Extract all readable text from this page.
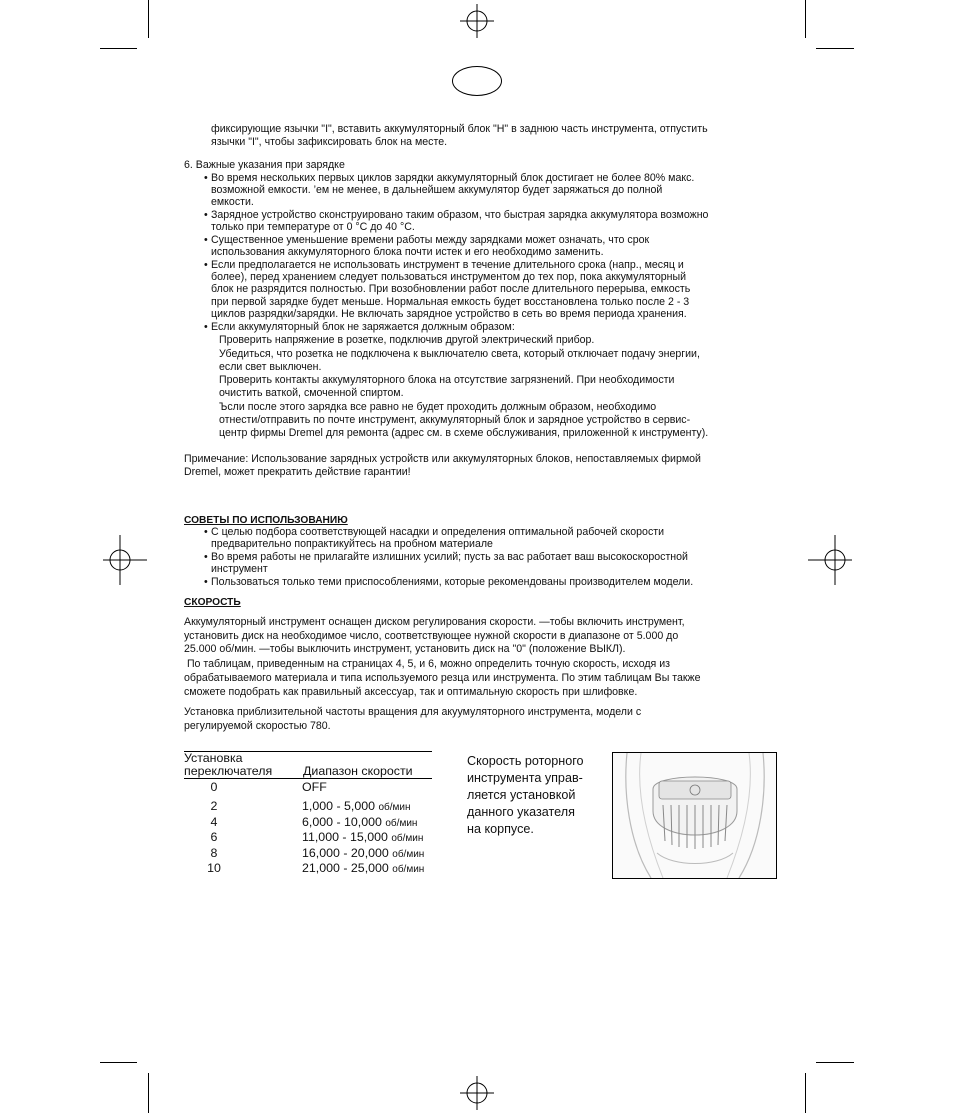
фиксирующие язычки "I", вставить аккумуляторный блок "H" в заднюю часть инструмента, отпустить
язычки "I", чтобы зафиксировать блок на месте.
6. Важные указания при зарядке
• Во время нескольких первых циклов зарядки аккумуляторный блок достигает не более 80% макс.
возможной емкости. ’ем не менее, в дальнейшем аккумулятор будет заряжаться до полной
емкости.
• Зарядное устройство сконструировано таким образом, что быстрая зарядка аккумулятора возможно
только при температуре от 0 °C до 40 °C.
• Существенное уменьшение времени работы между зарядками может означать, что срок
использования аккумуляторного блока почти истек и его необходимо заменить.
• Если предполагается не использовать инструмент в течение длительного срока (напр., месяц и
более), перед хранением следует пользоваться инструментом до тех пор, пока аккумуляторный
блок не разрядится полностью. При возобновлении работ после длительного перерыва, емкость
при первой зарядке будет меньше. Нормальная емкость будет восстановлена только после 2 - 3
циклов разрядки/зарядки. Не включать зарядное устройство в сеть во время периода хранения.
• Если аккумуляторный блок не заряжается должным образом:
Проверить напряжение в розетке, подключив другой электрический прибор.
Убедиться, что розетка не подключена к выключателю света, который отключает подачу энергии,
если свет выключен.
Проверить контакты аккумуляторного блока на отсутствие загрязнений. При необходимости
очистить ваткой, смоченной спиртом.
Ъсли после этого зарядка все равно не будет проходить должным образом, необходимо
отнести/отправить по почте инструмент, аккумуляторный блок и зарядное устройство в сервис-
центр фирмы Dremel для ремонта (адрес см. в схеме обслуживания, приложенной к инструменту).
Примечание: Использование зарядных устройств или аккумуляторных блоков, непоставляемых фирмой
Dremel, может прекратить действие гарантии!
СОВЕТЫ ПО ИСПОЛЬЗОВАНИЮ
• С целью подбора соответствующей насадки и определения оптимальной рабочей скорости
предварительно попрактикуйтесь на пробном материале
• Во время работы не прилагайте излишних усилий; пусть за вас работает ваш высокоскоростной
инструмент
• Пользоваться только теми приспособлениями, которые рекомендованы производителем модели.
СКОРОСТЬ
Аккумуляторный инструмент оснащен диском регулирования скорости. —тобы включить инструмент,
установить диск на необходимое число, соответствующее нужной скорости в диапазоне от 5.000 до
25.000 об/мин. —тобы выключить инструмент, установить диск на "0" (положение ВЫКЛ).
По таблицам, приведенным на страницах 4, 5, и 6, можно определить точную скорость, исходя из
обрабатываемого материала и типа используемого резца или инструмента. По этим таблицам Вы также
сможете подобрать как правильный аксессуар, так и оптимальную скорость при шлифовке.
Установка приблизительной частоты вращения для акуумуляторного инструмента, модели с
регулируемой скоростью 780.
Установка
переключателя Диапазон скорости
0	OFF
2	1,000 - 5,000 об/мин
4	6,000 - 10,000 об/мин
6	11,000 - 15,000 об/мин
8	16,000 - 20,000 об/мин
10	21,000 - 25,000 об/мин
Скорость роторного
инструмента управ-
ляется установкой
данного указателя
на корпусе.
